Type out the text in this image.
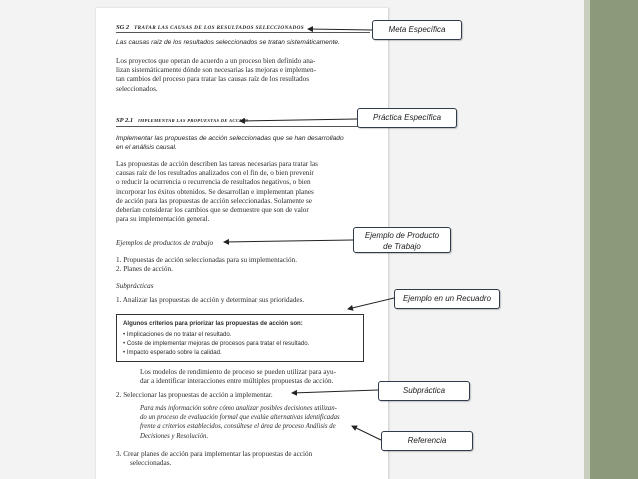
SG 2 TRATAR LAS CAUSAS DE LOS RESULTADOS SELECCIONADOS
Las causas raíz de los resultados seleccionados se tratan sistemáticamente.
Los proyectos que operan de acuerdo a un proceso bien definido ana-
lizan sistemáticamente dónde son necesarias las mejoras e implemen-
tan cambios del proceso para tratar las causas raíz de los resultados
seleccionados.
SP 2.1 IMPLEMENTAR LAS PROPUESTAS DE ACCIÓN
Implementar las propuestas de acción seleccionadas que se han desarrollado
en el análisis causal.
Las propuestas de acción describen las tareas necesarias para tratar las
causas raíz de los resultados analizados con el fin de, o bien prevenir
o reducir la ocurrencia o recurrencia de resultados negativos, o bien
incorporar los éxitos obtenidos. Se desarrollan e implementan planes
de acción para las propuestas de acción seleccionadas. Solamente se
deberían considerar los cambios que se demuestre que son de valor
para su implementación general.
Ejemplos de productos de trabajo
1. Propuestas de acción seleccionadas para su implementación.
2. Planes de acción.
Subprácticas
1. Analizar las propuestas de acción y determinar sus prioridades.
Algunos criterios para priorizar las propuestas de acción son:
• Implicaciones de no tratar el resultado.
• Coste de implementar mejoras de procesos para tratar el resultado.
• Impacto esperado sobre la calidad.
Los modelos de rendimiento de proceso se pueden utilizar para ayu-
dar a identificar interacciones entre múltiples propuestas de acción.
2. Seleccionar las propuestas de acción a implementar.
Para más información sobre cómo analizar posibles decisiones utilizan-
do un proceso de evaluación formal que evalúe alternativas identificadas
frente a criterios establecidos, consúltese el área de proceso Análisis de
Decisiones y Resolución.
3. Crear planes de acción para implementar las propuestas de acción
seleccionadas.
Meta Específica
Práctica Específica
Ejemplo de Producto
de Trabajo
Ejemplo en un Recuadro
Subpráctica
Referencia
